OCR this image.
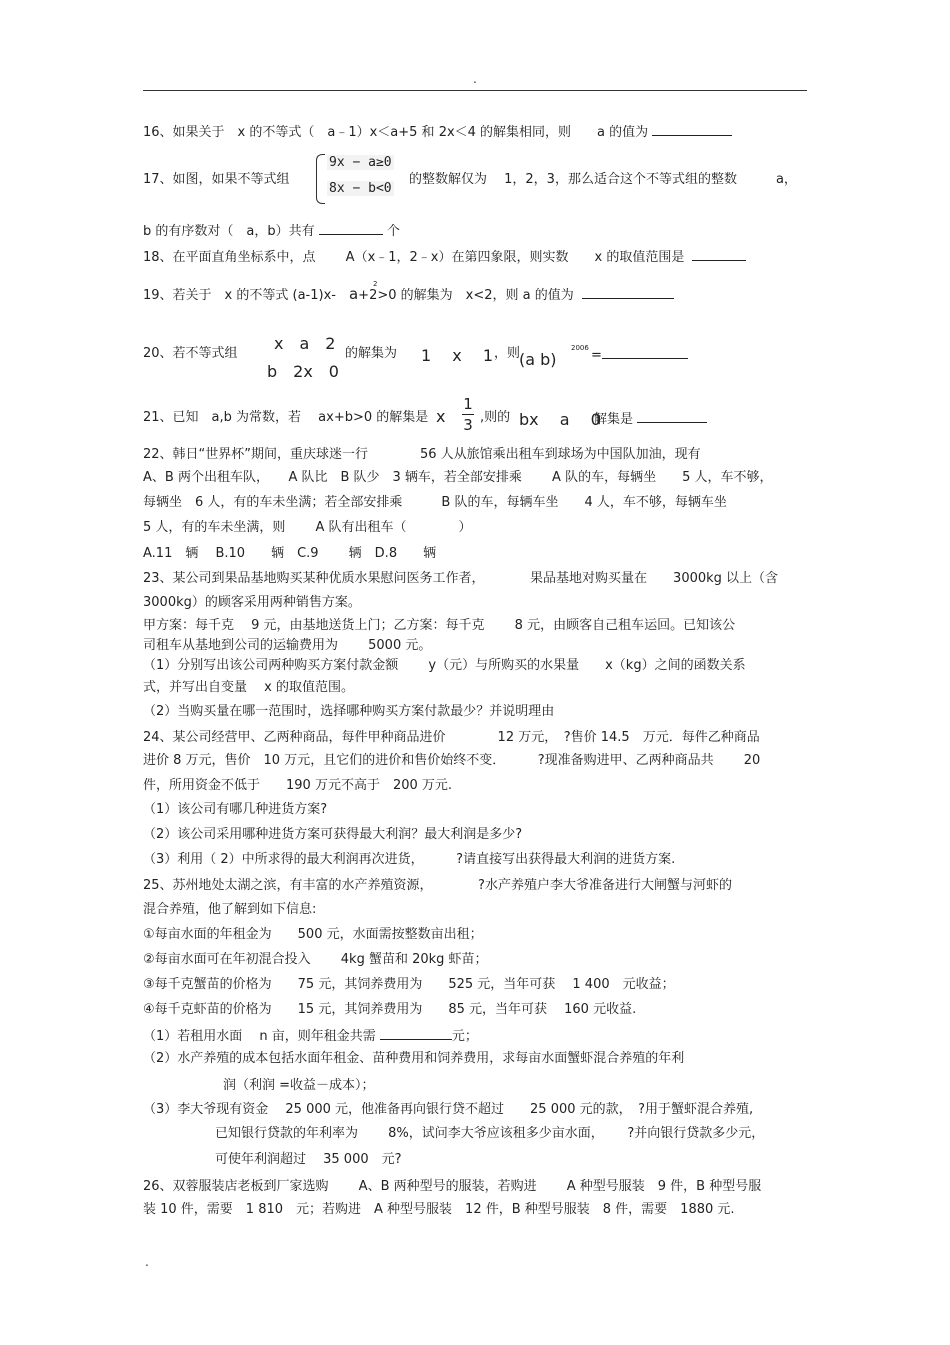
.
16、如果关于　x 的不等式（　a﹣1）x＜a+5 和 2x＜4 的解集相同，则　　a 的值为
17、如图，如果不等式组
9x − a≥0
8x − b<0
的整数解仅为　 1，2，3，那么适合这个不等式组的整数　　　a，
b 的有序数对（　a，b）共有	个
18、在平面直角坐标系中，点　　 A（x﹣1，2﹣x）在第四象限，则实数　　x 的取值范围是
19、若关于　x 的不等式 (a-1)x-　a+2>0 的解集为　x<2，则 a 的值为
2
20、若不等式组
x　a　2
b　2x　0
的解集为 1　 x　 1 ，则
(a b)
2006 =
21、已知　a,b 为常数，若　 ax+b>0 的解集是 x
1
3 ,则的 bx　 a　 0
解集是
22、韩日“世界杯”期间，重庆球迷一行　　　　56 人从旅馆乘出租车到球场为中国队加油，现有
A、B 两个出租车队，　　A 队比　B 队少　3 辆车，若全部安排乘　　 A 队的车，每辆坐　　5 人，车不够，
每辆坐　6 人，有的车未坐满；若全部安排乘　　　B 队的车，每辆车坐　　4 人，车不够，每辆车坐
5 人，有的车未坐满，则　　 A 队有出租车（　　　　）
A.11　辆　 B.10　　辆　C.9　　 辆　D.8　　辆
23、某公司到果品基地购买某种优质水果慰问医务工作者，　　　　果品基地对购买量在　　3000kg 以上（含
3000kg）的顾客采用两种销售方案。
甲方案：每千克　 9 元，由基地送货上门；乙方案：每千克　　 8 元，由顾客自己租车运回。已知该公
司租车从基地到公司的运输费用为　　 5000 元。
（1）分别写出该公司两种购买方案付款金额　　 y（元）与所购买的水果量　　x（kg）之间的函数关系
式，并写出自变量　 x 的取值范围。
（2）当购买量在哪一范围时，选择哪种购买方案付款最少？并说明理由
24、某公司经营甲、乙两种商品，每件甲种商品进价　　　　12 万元，　?售价 14.5　万元．每件乙种商品
进价 8 万元，售价　10 万元，且它们的进价和售价始终不变．　　　?现准备购进甲、乙两种商品共　　 20
件，所用资金不低于　　190 万元不高于　200 万元.
（1）该公司有哪几种进货方案?
（2）该公司采用哪种进货方案可获得最大利润？最大利润是多少?
（3）利用（ 2）中所求得的最大利润再次进货，　　　?请直接写出获得最大利润的进货方案.
25、苏州地处太湖之滨，有丰富的水产养殖资源，　　　　?水产养殖户李大爷准备进行大闸蟹与河虾的
混合养殖，他了解到如下信息:
①每亩水面的年租金为　　500 元，水面需按整数亩出租；
②每亩水面可在年初混合投入　　 4kg 蟹苗和 20kg 虾苗；
③每千克蟹苗的价格为　　75 元，其饲养费用为　　525 元，当年可获　 1 400　元收益；
④每千克虾苗的价格为　　15 元，其饲养费用为　　85 元，当年可获　 160 元收益.
（1）若租用水面　 n 亩，则年租金共需	元；
（2）水产养殖的成本包括水面年租金、苗种费用和饲养费用，求每亩水面蟹虾混合养殖的年利
润（利润 =收益－成本）；
（3）李大爷现有资金　 25 000 元，他准备再向银行贷不超过　　25 000 元的款，　?用于蟹虾混合养殖,
已知银行贷款的年利率为　　 8%，试问李大爷应该租多少亩水面，　　 ?并向银行贷款多少元，
可使年利润超过　 35 000　元?
26、双蓉服装店老板到厂家选购　　 A、B 两种型号的服装，若购进　　 A 种型号服装　9 件，B 种型号服
装 10 件，需要　1 810　元；若购进　A 种型号服装　12 件，B 种型号服装　8 件，需要　1880 元.
.
